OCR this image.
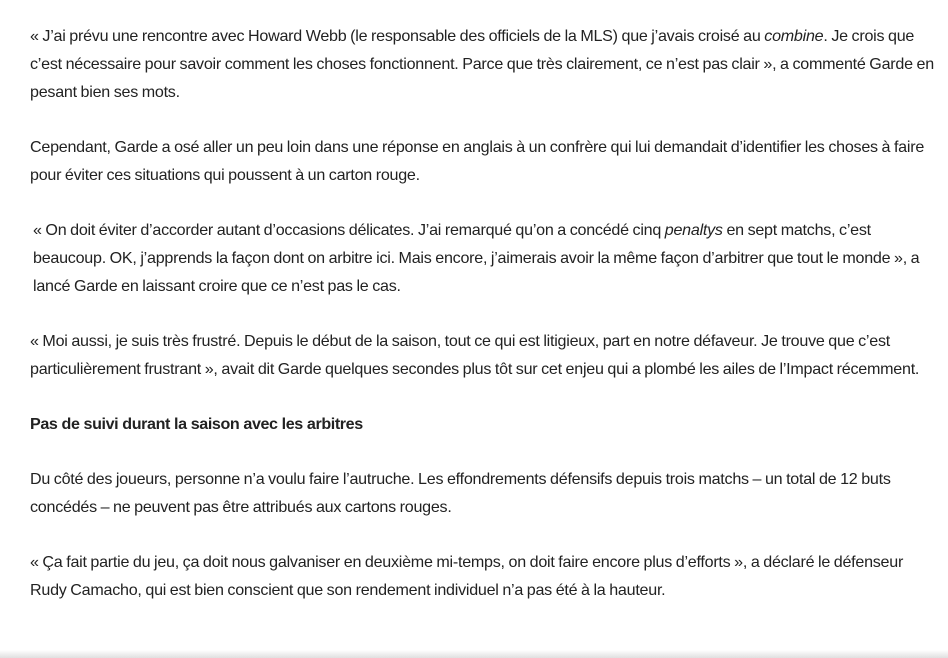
« J’ai prévu une rencontre avec Howard Webb (le responsable des officiels de la MLS) que j’avais croisé au combine. Je crois que c’est nécessaire pour savoir comment les choses fonctionnent. Parce que très clairement, ce n’est pas clair », a commenté Garde en pesant bien ses mots.

Cependant, Garde a osé aller un peu loin dans une réponse en anglais à un confrère qui lui demandait d’identifier les choses à faire pour éviter ces situations qui poussent à un carton rouge.

« On doit éviter d’accorder autant d’occasions délicates. J’ai remarqué qu’on a concédé cinq penaltys en sept matchs, c’est beaucoup. OK, j’apprends la façon dont on arbitre ici. Mais encore, j’aimerais avoir la même façon d’arbitrer que tout le monde », a lancé Garde en laissant croire que ce n’est pas le cas.

« Moi aussi, je suis très frustré. Depuis le début de la saison, tout ce qui est litigieux, part en notre défaveur. Je trouve que c’est particulièrement frustrant », avait dit Garde quelques secondes plus tôt sur cet enjeu qui a plombé les ailes de l’Impact récemment.

Pas de suivi durant la saison avec les arbitres

Du côté des joueurs, personne n’a voulu faire l’autruche. Les effondrements défensifs depuis trois matchs – un total de 12 buts concédés – ne peuvent pas être attribués aux cartons rouges.

« Ça fait partie du jeu, ça doit nous galvaniser en deuxième mi-temps, on doit faire encore plus d’efforts », a déclaré le défenseur Rudy Camacho, qui est bien conscient que son rendement individuel n’a pas été à la hauteur.
